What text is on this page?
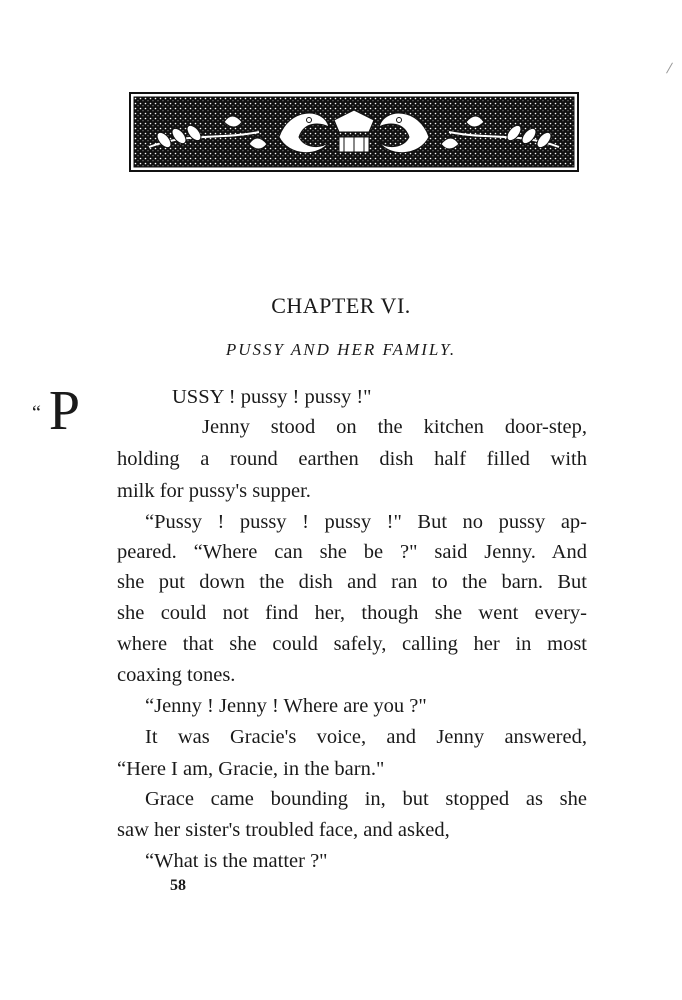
CHAPTER VI.
PUSSY AND HER FAMILY.
“ P	USSY ! pussy ! pussy !"
Jenny stood on the kitchen door-step,
holding a round earthen dish half filled with
milk for pussy's supper.
“Pussy ! pussy ! pussy !" But no pussy ap-
peared. “Where can she be ?" said Jenny. And
she put down the dish and ran to the barn. But
she could not find her, though she went every-
where that she could safely, calling her in most
coaxing tones.
“Jenny ! Jenny ! Where are you ?"
It was Gracie's voice, and Jenny answered,
“Here I am, Gracie, in the barn."
Grace came bounding in, but stopped as she
saw her sister's troubled face, and asked,
“What is the matter ?"
58
